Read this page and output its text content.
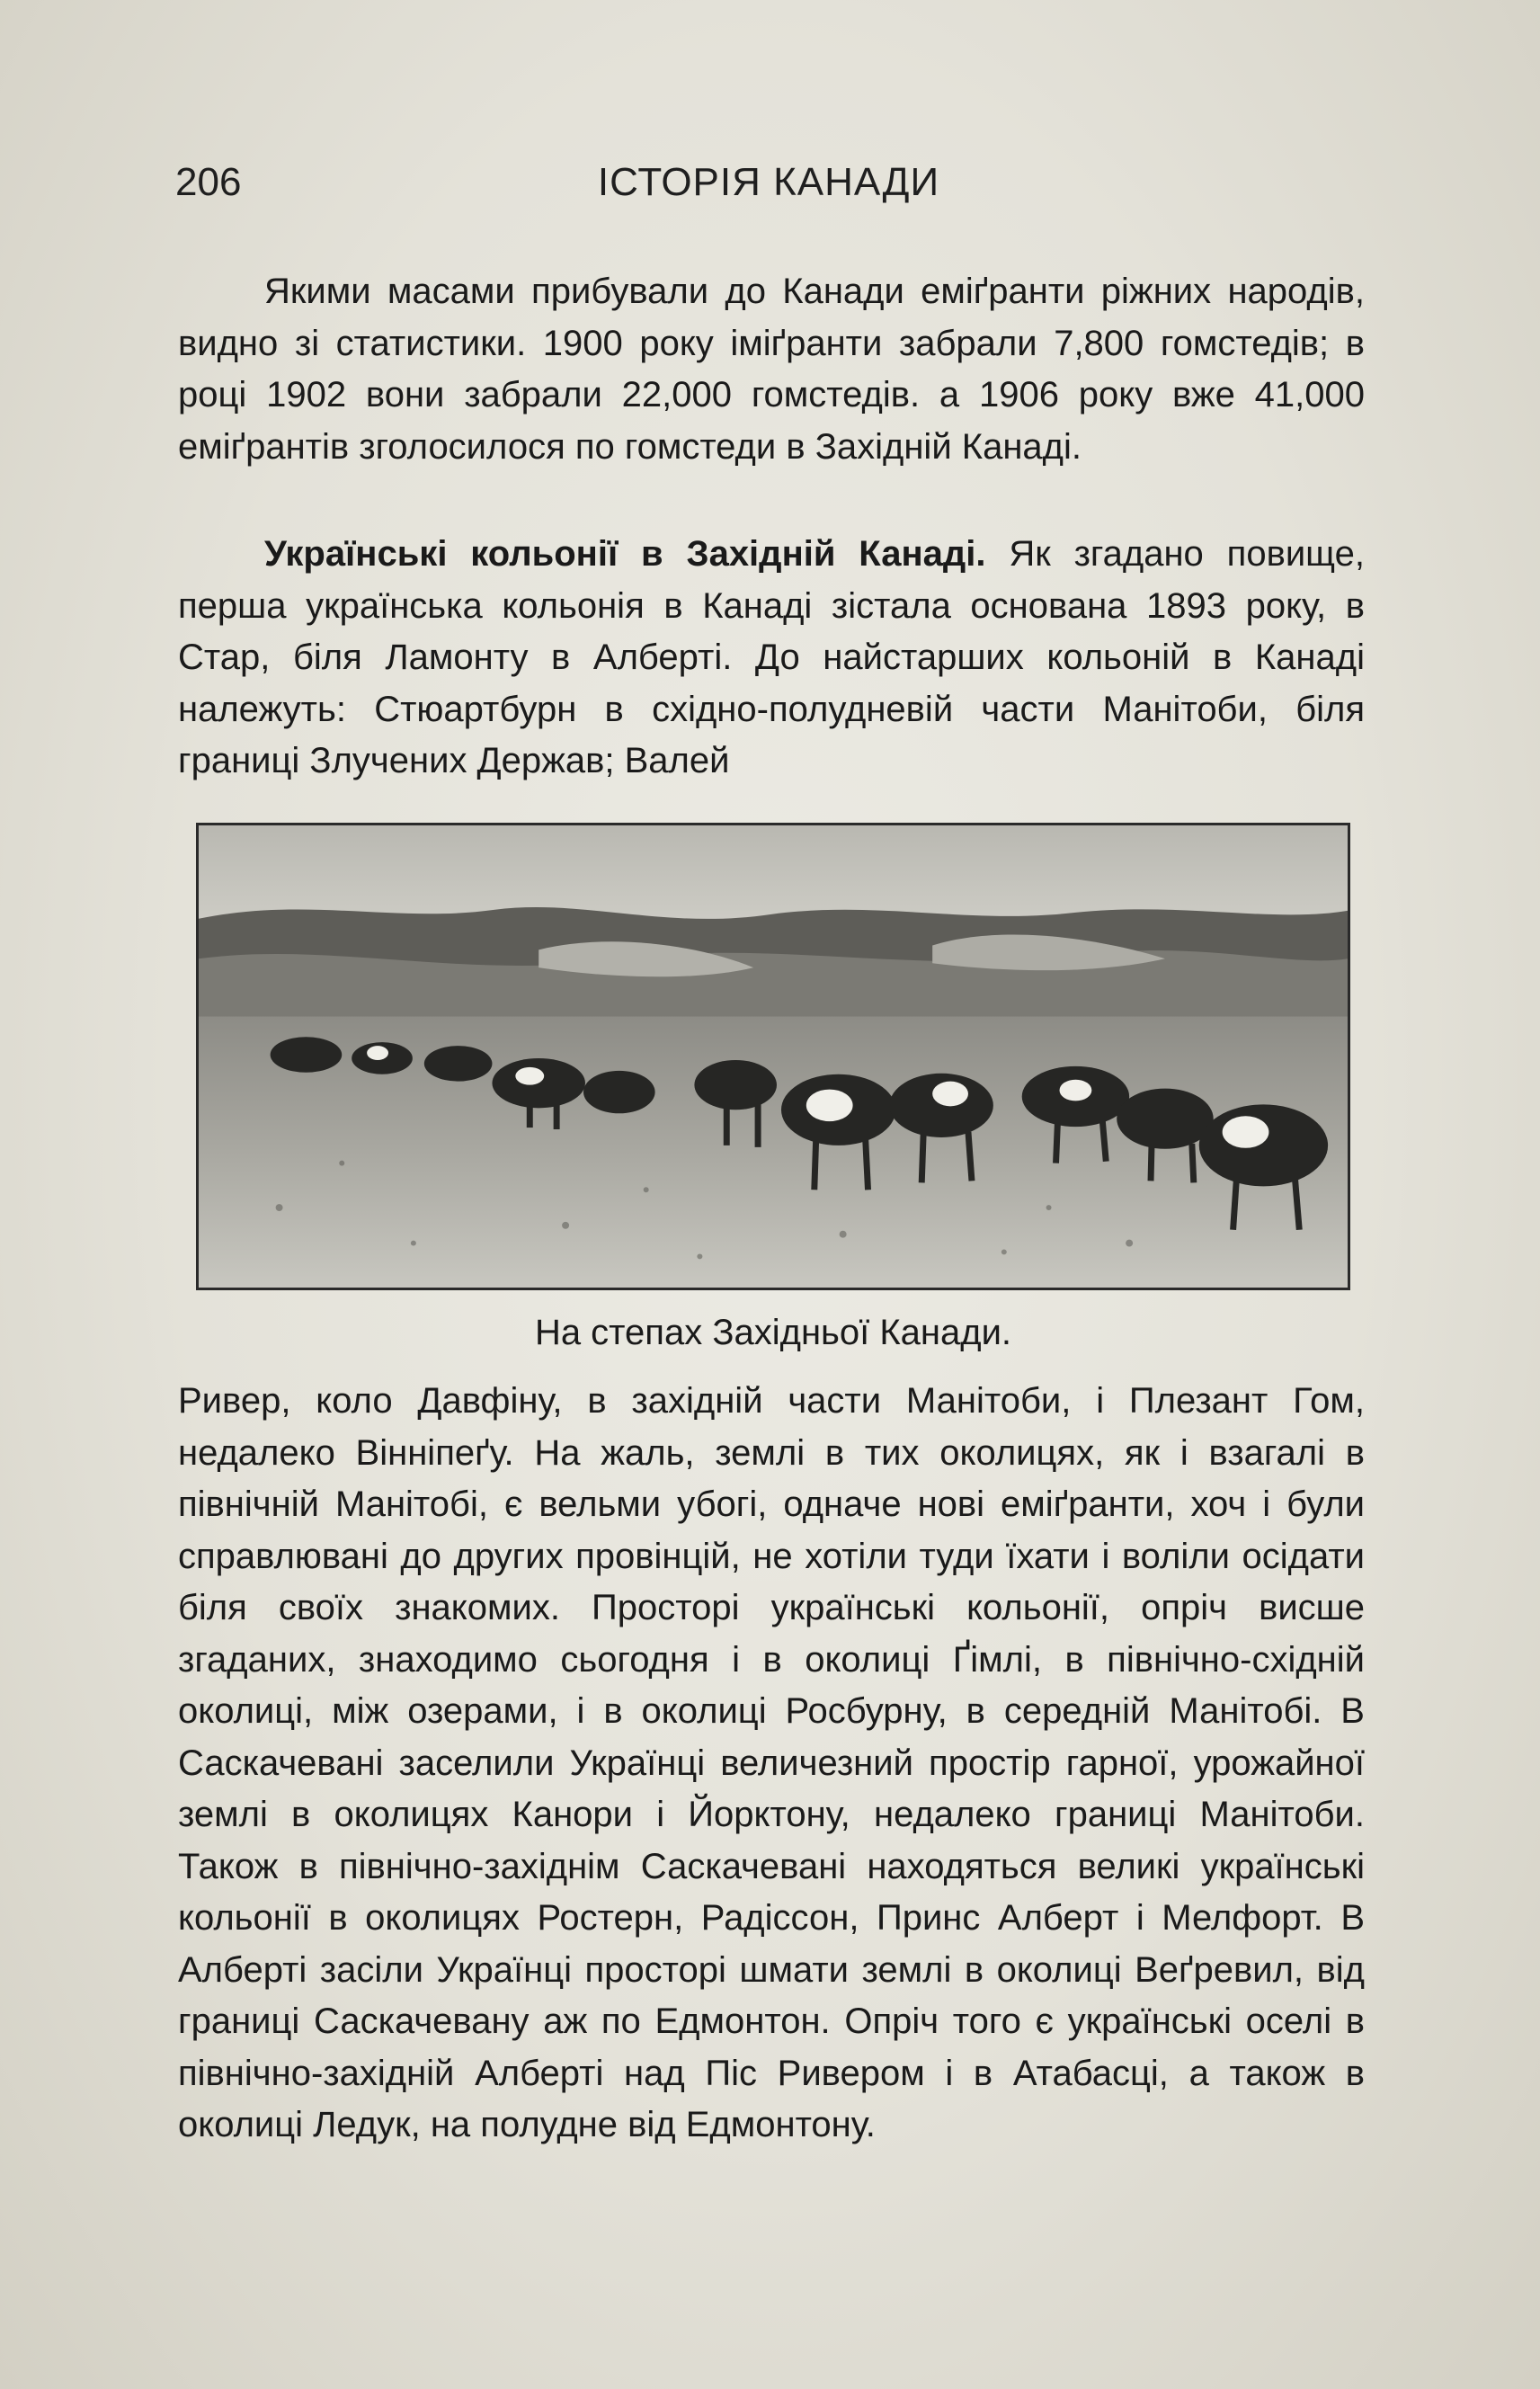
206	ІСТОРІЯ КАНАДИ

Якими масами прибували до Канади еміґранти ріжних народів, видно зі статистики. 1900 року іміґранти забрали 7,800 гомстедів; в році 1902 вони забрали 22,000 гомстедів. а 1906 року вже 41,000 еміґрантів зголосилося по гомстеди в Західній Канаді.

Українські кольонії в Західній Канаді. Як згадано повище, перша українська кольонія в Канаді зістала основана 1893 року, в Стар, біля Ламонту в Алберті. До найстарших кольоній в Канаді належуть: Стюартбурн в східно-полудневій части Манітоби, біля границі Злучених Держав; Валей

На степах Західньої Канади.

Ривер, коло Давфіну, в західній части Манітоби, і Плезант Гом, недалеко Вінніпеґу. На жаль, землі в тих околицях, як і взагалі в північній Манітобі, є вельми убогі, одначе нові еміґранти, хоч і були справлювані до других провінцій, не хотіли туди їхати і воліли осідати біля своїх знакомих. Просторі українські кольонії, опріч висше згаданих, знаходимо сьогодня і в околиці Ґімлі, в північно-східній околиці, між озерами, і в околиці Росбурну, в середній Манітобі. В Саскачевані заселили Українці величезний простір гарної, урожайної землі в околицях Канори і Йорктону, недалеко границі Манітоби. Також в північно-західнім Саскачевані находяться великі українські кольонії в околицях Ростерн, Радіссон, Принс Алберт і Мелфорт. В Алберті засіли Українці просторі шмати землі в околиці Веґревил, від границі Саскачевану аж по Едмонтон. Опріч того є українські оселі в північно-західній Алберті над Піс Ривером і в Атабасці, а також в околиці Ледук, на полудне від Едмонтону.
